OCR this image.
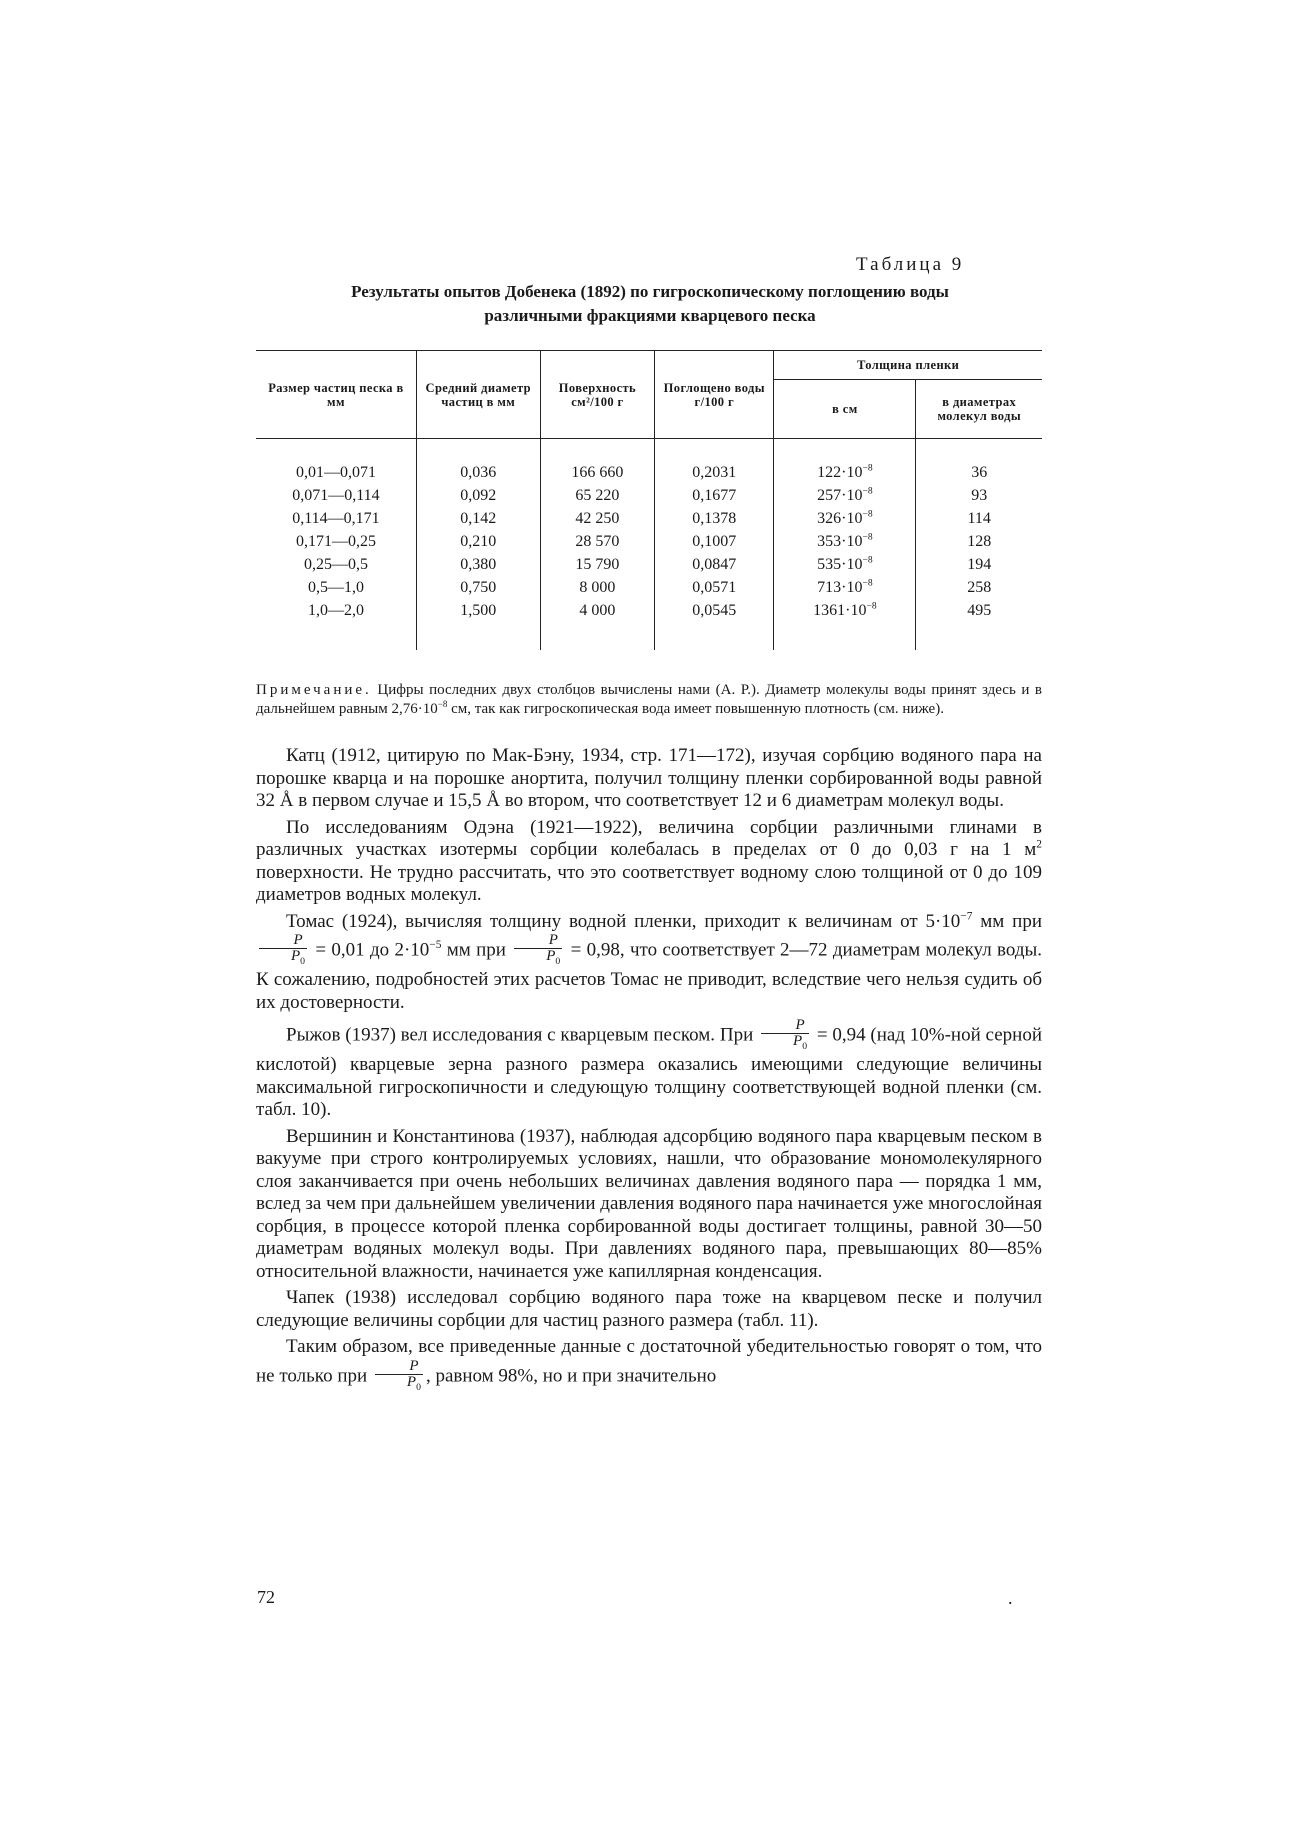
Таблица 9
Результаты опытов Добенека (1892) по гигроскопическому поглощению воды
различными фракциями кварцевого песка
Размер частиц песка в мм	Средний диаметр частиц в мм	Поверхность см²/100 г	Поглощено воды г/100 г	Толщина пленки	
				в см	в диаметрах молекул воды

0,01—0,071	0,036	166 660	0,2031	$122\cdot 10^{-8}$	36
0,071—0,114	0,092	65 220	0,1677	$257\cdot 10^{-8}$	93
0,114—0,171	0,142	42 250	0,1378	$326\cdot 10^{-8}$	114
0,171—0,25	0,210	28 570	0,1007	$353\cdot 10^{-8}$	128
0,25—0,5	0,380	15 790	0,0847	$535\cdot 10^{-8}$	194
0,5—1,0	0,750	8 000	0,0571	$713\cdot 10^{-8}$	258
1,0—2,0	1,500	4 000	0,0545	$1361\cdot 10^{-8}$	495

Примечание. Цифры последних двух столбцов вычислены нами (А. Р.). Диаметр молекулы воды принят здесь и в дальнейшем равным $2,76\cdot 10^{-8}$ см, так как гигроскопическая вода имеет повышенную плотность (см. ниже).

Катц (1912, цитирую по Мак-Бэну, 1934, стр. 171—172), изучая сорбцию водяного пара на порошке кварца и на порошке анортита, получил толщину пленки сорбированной воды равной 32 Å в первом случае и 15,5 Å во втором, что соответствует 12 и 6 диаметрам молекул воды.

По исследованиям Одэна (1921—1922), величина сорбции различными глинами в различных участках изотермы сорбции колебалась в пределах от 0 до 0,03 г на 1 $м^2$ поверхности. Не трудно рассчитать, что это соответствует водному слою толщиной от 0 до 109 диаметров водных молекул.

Томас (1924), вычисляя толщину водной пленки, приходит к величинам от $5\cdot 10^{-7}$ мм при
$\frac{P}{P_0} = 0,01$ до $2\cdot 10^{-5}$ мм при $\frac{P}{P_0} = 0,98$, что соответствует 2—72 диаметрам молекул воды. К сожалению, подробностей этих расчетов Томас не приводит, вследствие чего нельзя судить об их достоверности.

Рыжов (1937) вел исследования с кварцевым песком. При $\frac{P}{P_0} = 0,94$ (над 10%-ной серной кислотой) кварцевые зерна разного размера оказались имеющими следующие величины максимальной гигроскопичности и следующую толщину соответствующей водной пленки (см. табл. 10).

Вершинин и Константинова (1937), наблюдая адсорбцию водяного пара кварцевым песком в вакууме при строго контролируемых условиях, нашли, что образование мономолекулярного слоя заканчивается при очень небольших величинах давления водяного пара — порядка 1 мм, вслед за чем при дальнейшем увеличении давления водяного пара начинается уже многослойная сорбция, в процессе которой пленка сорбированной воды достигает толщины, равной 30—50 диаметрам водяных молекул воды. При давлениях водяного пара, превышающих 80—85% относительной влажности, начинается уже капиллярная конденсация.

Чапек (1938) исследовал сорбцию водяного пара тоже на кварцевом песке и получил следующие величины сорбции для частиц разного размера (табл. 11).

Таким образом, все приведенные данные с достаточной убедительностью говорят о том, что не только при $\frac{P}{P_0}$ , равном 98%, но и при значительно

72	.
